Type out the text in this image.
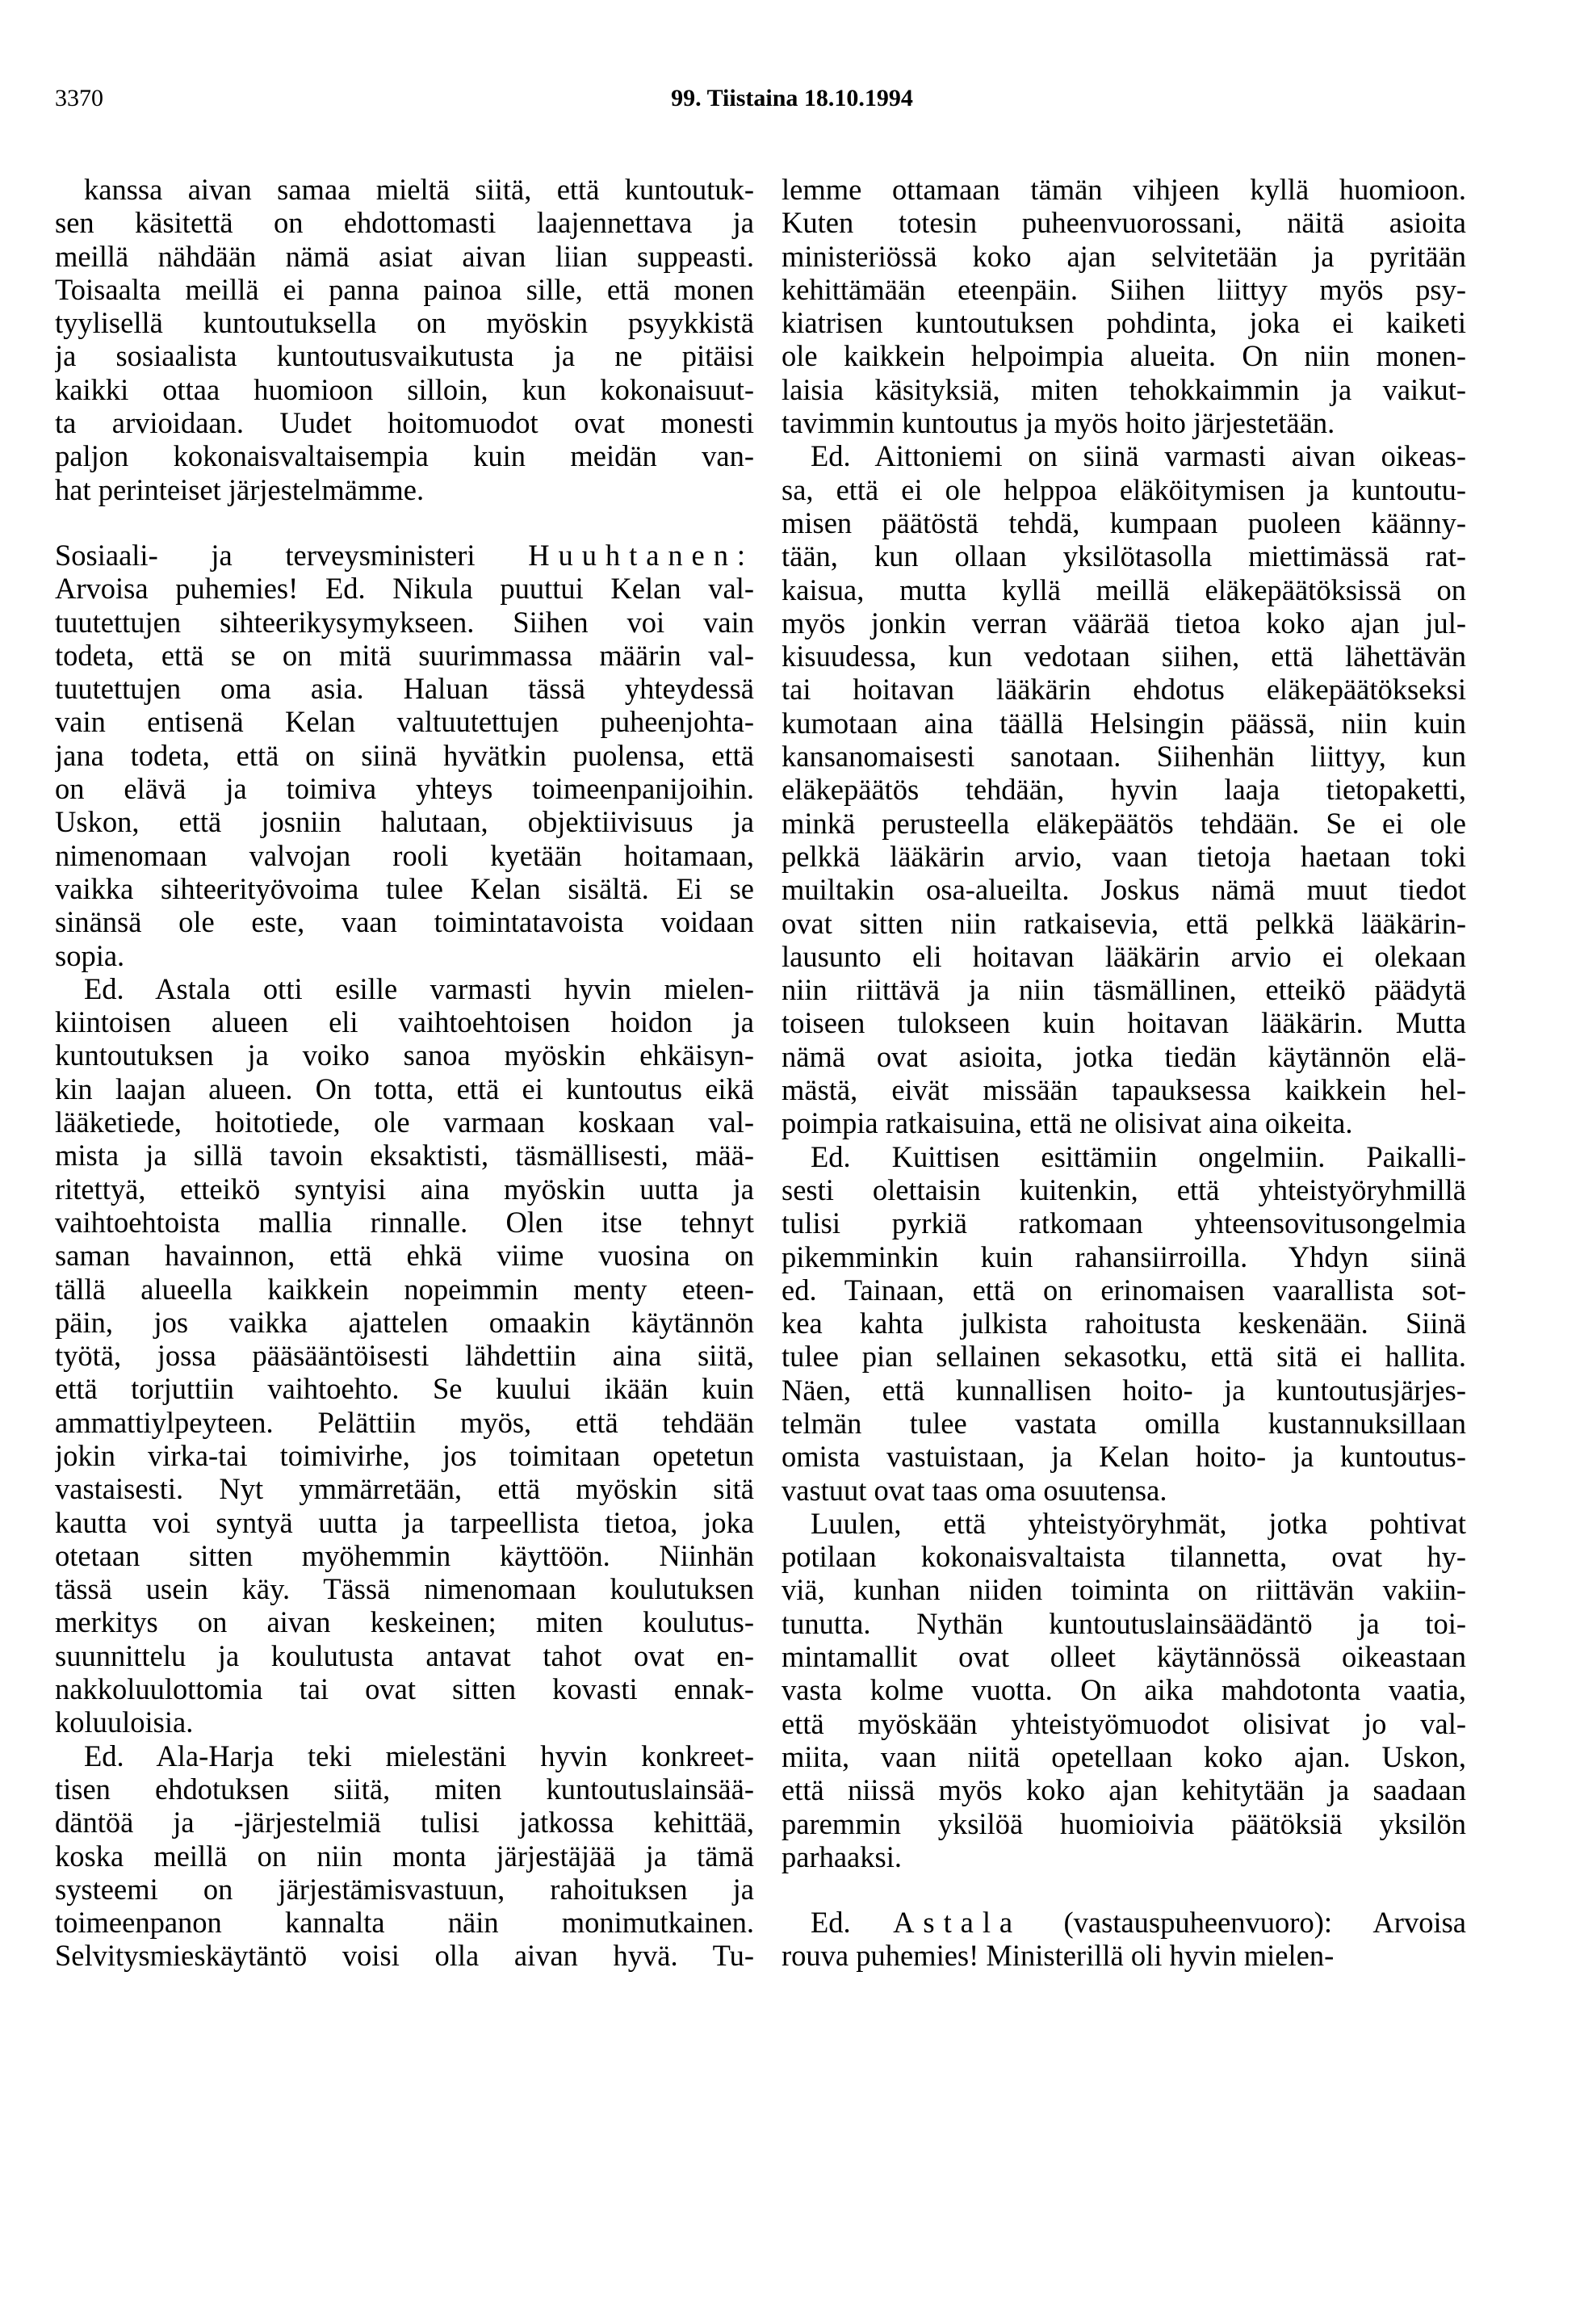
3370	99. Tiistaina 18.10.1994
kanssa aivan samaa mieltä siitä, että kuntoutuk-
sen käsitettä on ehdottomasti laajennettava ja
meillä nähdään nämä asiat aivan liian suppeasti.
Toisaalta meillä ei panna painoa sille, että monen
tyylisellä kuntoutuksella on myöskin psyykkistä
ja sosiaalista kuntoutusvaikutusta ja ne pitäisi
kaikki ottaa huomioon silloin, kun kokonaisuut-
ta arvioidaan. Uudet hoitomuodot ovat monesti
paljon kokonaisvaltaisempia kuin meidän van-
hat perinteiset järjestelmämme.
Sosiaali- ja terveysministeri Huuhtanen:
Arvoisa puhemies! Ed. Nikula puuttui Kelan val-
tuutettujen sihteerikysymykseen. Siihen voi vain
todeta, että se on mitä suurimmassa määrin val-
tuutettujen oma asia. Haluan tässä yhteydessä
vain entisenä Kelan valtuutettujen puheenjohta-
jana todeta, että on siinä hyvätkin puolensa, että
on elävä ja toimiva yhteys toimeenpanijoihin.
Uskon, että josniin halutaan, objektiivisuus ja
nimenomaan valvojan rooli kyetään hoitamaan,
vaikka sihteerityövoima tulee Kelan sisältä. Ei se
sinänsä ole este, vaan toimintatavoista voidaan
sopia.
Ed. Astala otti esille varmasti hyvin mielen-
kiintoisen alueen eli vaihtoehtoisen hoidon ja
kuntoutuksen ja voiko sanoa myöskin ehkäisyn-
kin laajan alueen. On totta, että ei kuntoutus eikä
lääketiede, hoitotiede, ole varmaan koskaan val-
mista ja sillä tavoin eksaktisti, täsmällisesti, mää-
ritettyä, etteikö syntyisi aina myöskin uutta ja
vaihtoehtoista mallia rinnalle. Olen itse tehnyt
saman havainnon, että ehkä viime vuosina on
tällä alueella kaikkein nopeimmin menty eteen-
päin, jos vaikka ajattelen omaakin käytännön
työtä, jossa pääsääntöisesti lähdettiin aina siitä,
että torjuttiin vaihtoehto. Se kuului ikään kuin
ammattiylpeyteen. Pelättiin myös, että tehdään
jokin virka-tai toimivirhe, jos toimitaan opetetun
vastaisesti. Nyt ymmärretään, että myöskin sitä
kautta voi syntyä uutta ja tarpeellista tietoa, joka
otetaan sitten myöhemmin käyttöön. Niinhän
tässä usein käy. Tässä nimenomaan koulutuksen
merkitys on aivan keskeinen; miten koulutus-
suunnittelu ja koulutusta antavat tahot ovat en-
nakkoluulottomia tai ovat sitten kovasti ennak-
koluuloisia.
Ed. Ala-Harja teki mielestäni hyvin konkreet-
tisen ehdotuksen siitä, miten kuntoutuslainsää-
däntöä ja -järjestelmiä tulisi jatkossa kehittää,
koska meillä on niin monta järjestäjää ja tämä
systeemi on järjestämisvastuun, rahoituksen ja
toimeenpanon kannalta näin monimutkainen.
Selvitysmieskäytäntö voisi olla aivan hyvä. Tu-
lemme ottamaan tämän vihjeen kyllä huomioon.
Kuten totesin puheenvuorossani, näitä asioita
ministeriössä koko ajan selvitetään ja pyritään
kehittämään eteenpäin. Siihen liittyy myös psy-
kiatrisen kuntoutuksen pohdinta, joka ei kaiketi
ole kaikkein helpoimpia alueita. On niin monen-
laisia käsityksiä, miten tehokkaimmin ja vaikut-
tavimmin kuntoutus ja myös hoito järjestetään.
Ed. Aittoniemi on siinä varmasti aivan oikeas-
sa, että ei ole helppoa eläköitymisen ja kuntoutu-
misen päätöstä tehdä, kumpaan puoleen käänny-
tään, kun ollaan yksilötasolla miettimässä rat-
kaisua, mutta kyllä meillä eläkepäätöksissä on
myös jonkin verran väärää tietoa koko ajan jul-
kisuudessa, kun vedotaan siihen, että lähettävän
tai hoitavan lääkärin ehdotus eläkepäätökseksi
kumotaan aina täällä Helsingin päässä, niin kuin
kansanomaisesti sanotaan. Siihenhän liittyy, kun
eläkepäätös tehdään, hyvin laaja tietopaketti,
minkä perusteella eläkepäätös tehdään. Se ei ole
pelkkä lääkärin arvio, vaan tietoja haetaan toki
muiltakin osa-alueilta. Joskus nämä muut tiedot
ovat sitten niin ratkaisevia, että pelkkä lääkärin-
lausunto eli hoitavan lääkärin arvio ei olekaan
niin riittävä ja niin täsmällinen, etteikö päädytä
toiseen tulokseen kuin hoitavan lääkärin. Mutta
nämä ovat asioita, jotka tiedän käytännön elä-
mästä, eivät missään tapauksessa kaikkein hel-
poimpia ratkaisuina, että ne olisivat aina oikeita.
Ed. Kuittisen esittämiin ongelmiin. Paikalli-
sesti olettaisin kuitenkin, että yhteistyöryhmillä
tulisi pyrkiä ratkomaan yhteensovitusongelmia
pikemminkin kuin rahansiirroilla. Yhdyn siinä
ed. Tainaan, että on erinomaisen vaarallista sot-
kea kahta julkista rahoitusta keskenään. Siinä
tulee pian sellainen sekasotku, että sitä ei hallita.
Näen, että kunnallisen hoito- ja kuntoutusjärjes-
telmän tulee vastata omilla kustannuksillaan
omista vastuistaan, ja Kelan hoito- ja kuntoutus-
vastuut ovat taas oma osuutensa.
Luulen, että yhteistyöryhmät, jotka pohtivat
potilaan kokonaisvaltaista tilannetta, ovat hy-
viä, kunhan niiden toiminta on riittävän vakiin-
tunutta. Nythän kuntoutuslainsäädäntö ja toi-
mintamallit ovat olleet käytännössä oikeastaan
vasta kolme vuotta. On aika mahdotonta vaatia,
että myöskään yhteistyömuodot olisivat jo val-
miita, vaan niitä opetellaan koko ajan. Uskon,
että niissä myös koko ajan kehitytään ja saadaan
paremmin yksilöä huomioivia päätöksiä yksilön
parhaaksi.
Ed. Astala (vastauspuheenvuoro): Arvoisa
rouva puhemies! Ministerillä oli hyvin mielen-
